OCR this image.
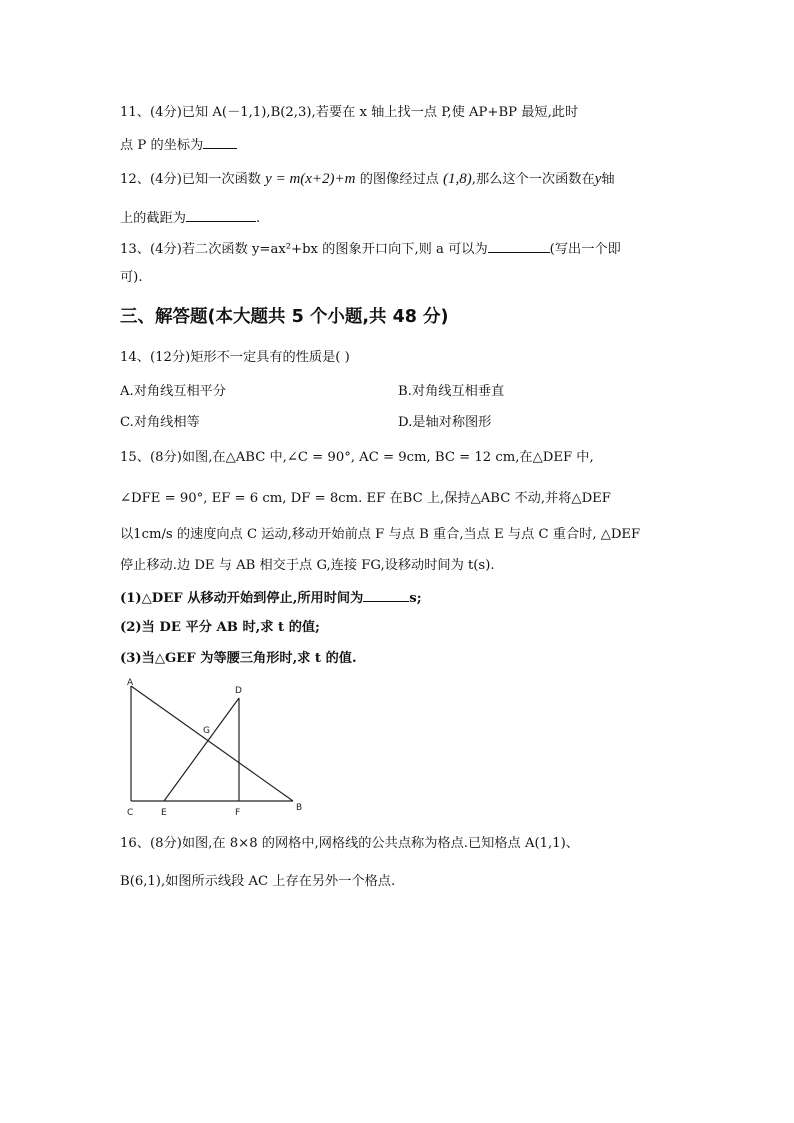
11、(4分)已知 A(－1,1),B(2,3),若要在 x 轴上找一点 P,使 AP+BP 最短,此时
点 P 的坐标为
12、(4分)已知一次函数 y = m(x+2)+m 的图像经过点 (1,8),那么这个一次函数在y轴
上的截距为	.
13、(4分)若二次函数 y=ax²+bx 的图象开口向下,则 a 可以为	(写出一个即
可).
三、解答题(本大题共 5 个小题,共 48 分)
14、(12分)矩形不一定具有的性质是( )
A.对角线互相平分	B.对角线互相垂直
C.对角线相等	D.是轴对称图形
15、(8分)如图,在△ABC 中,∠C = 90°, AC = 9cm, BC = 12 cm,在△DEF 中,
∠DFE = 90°, EF = 6 cm, DF = 8cm. EF 在BC 上,保持△ABC 不动,并将△DEF
以1cm/s 的速度向点 C 运动,移动开始前点 F 与点 B 重合,当点 E 与点 C 重合时, △DEF
停止移动.边 DE 与 AB 相交于点 G,连接 FG,设移动时间为 t(s).
(1)△DEF 从移动开始到停止,所用时间为	s;
(2)当 DE 平分 AB 时,求 t 的值;
(3)当△GEF 为等腰三角形时,求 t 的值.
A
B
C
D
E	F
G
16、(8分)如图,在 8×8 的网格中,网格线的公共点称为格点.已知格点 A(1,1)、
B(6,1),如图所示线段 AC 上存在另外一个格点.
